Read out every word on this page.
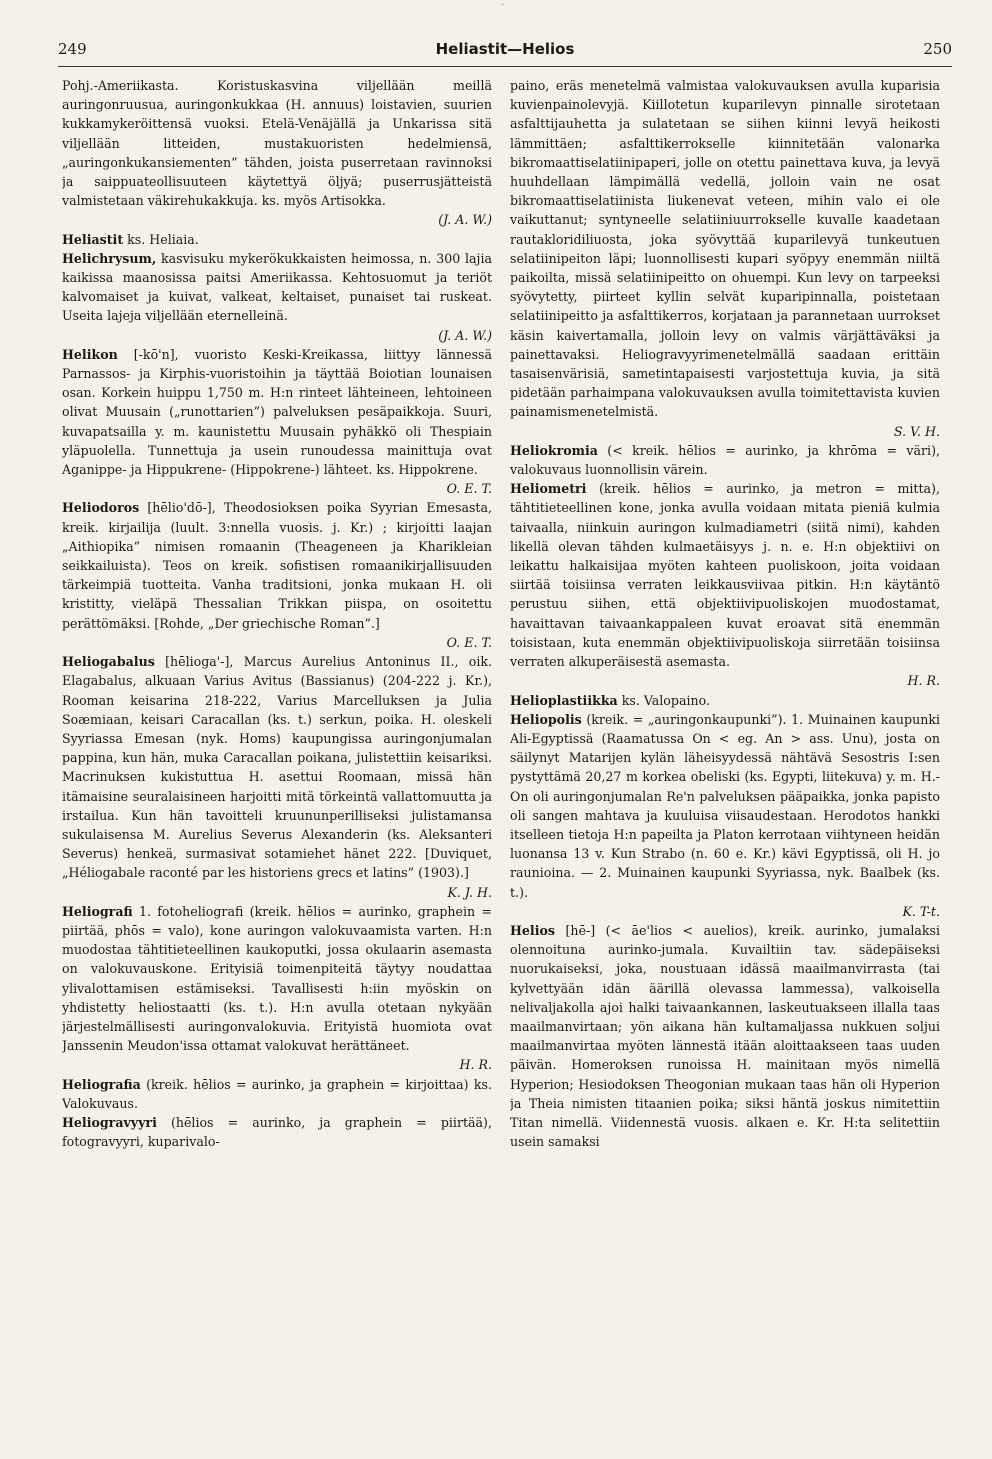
ˇ
249	Heliastit—Helios	250

Pohj.-Ameriikasta. Koristuskasvina viljellään meillä auringonruusua, auringonkukkaa (H. annuus) loistavien, suurien kukkamykeröittensä vuoksi. Etelä-Venäjällä ja Unkarissa sitä viljellään litteiden, mustakuoristen hedelmiensä, „auringonkukansiementen” tähden, joista puserretaan ravinnoksi ja saippuateollisuuteen käytettyä öljyä; puserrusjätteistä valmistetaan väkirehukakkuja. ks. myös Artisokka.
(J. A. W.)

Heliastit ks. Heliaia.

Helichrysum, kasvisuku mykerökukkaisten heimossa, n. 300 lajia kaikissa maanosissa paitsi Ameriikassa. Kehtosuomut ja teriöt kalvomaiset ja kuivat, valkeat, keltaiset, punaiset tai ruskeat. Useita lajeja viljellään eternelleinä.
(J. A. W.)

Helikon [-kō'n], vuoristo Keski-Kreikassa, liittyy lännessä Parnassos- ja Kirphis-vuoristoihin ja täyttää Boiotian lounaisen osan. Korkein huippu 1,750 m. H:n rinteet lähteineen, lehtoineen olivat Muusain („runottarien”) palveluksen pesäpaikkoja. Suuri, kuvapatsailla y. m. kaunistettu Muusain pyhäkkö oli Thespiain yläpuolella. Tunnettuja ja usein runoudessa mainittuja ovat Aganippe- ja Hippukrene- (Hippokrene-) lähteet. ks. Hippokrene.
O. E. T.

Heliodoros [hēlio'dō-], Theodosioksen poika Syyrian Emesasta, kreik. kirjailija (luult. 3:nnella vuosis. j. Kr.) ; kirjoitti laajan „Aithiopika” nimisen romaanin (Theageneen ja Kharikleian seikkailuista). Teos on kreik. sofistisen romaanikirjallisuuden tärkeimpiä tuotteita. Vanha traditsioni, jonka mukaan H. oli kristitty, vieläpä Thessalian Trikkan piispa, on osoitettu perättömäksi. [Rohde, „Der griechische Roman”.]
O. E. T.

Heliogabalus [hēlioga'-], Marcus Aurelius Antoninus II., oik. Elagabalus, alkuaan Varius Avitus (Bassianus) (204-222 j. Kr.), Rooman keisarina 218-222, Varius Marcelluksen ja Julia Soæmiaan, keisari Caracallan (ks. t.) serkun, poika. H. oleskeli Syyriassa Emesan (nyk. Homs) kaupungissa auringonjumalan pappina, kun hän, muka Caracallan poikana, julistettiin keisariksi. Macrinuksen kukistuttua H. asettui Roomaan, missä hän itämaisine seuralaisineen harjoitti mitä törkeintä vallattomuutta ja irstailua. Kun hän tavoitteli kruununperilliseksi julistamansa sukulaisensa M. Aurelius Severus Alexanderin (ks. Aleksanteri Severus) henkeä, surmasivat sotamiehet hänet 222. [Duviquet, „Héliogabale raconté par les historiens grecs et latins” (1903).]
K. J. H.

Heliografi 1. fotoheliografi (kreik. hēlios = aurinko, graphein = piirtää, phōs = valo), kone auringon valokuvaamista varten. H:n muodostaa tähtitieteellinen kaukoputki, jossa okulaarin asemasta on valokuvauskone. Erityisiä toimenpiteitä täytyy noudattaa ylivalottamisen estämiseksi. Tavallisesti h:iin myöskin on yhdistetty heliostaatti (ks. t.). H:n avulla otetaan nykyään järjestelmällisesti auringonvalokuvia. Erityistä huomiota ovat Janssenin Meudon'issa ottamat valokuvat herättäneet.
H. R.

Heliografia (kreik. hēlios = aurinko, ja graphein = kirjoittaa) ks. Valokuvaus.

Heliogravyyri (hēlios = aurinko, ja graphein = piirtää), fotogravyyri, kuparivalo-

paino, eräs menetelmä valmistaa valokuvauksen avulla kuparisia kuvienpainolevyjä. Kiillotetun kuparilevyn pinnalle sirotetaan asfalttijauhetta ja sulatetaan se siihen kiinni levyä heikosti lämmittäen; asfalttikerrokselle kiinnitetään valonarka bikromaattiselatiinipaperi, jolle on otettu painettava kuva, ja levyä huuhdellaan lämpimällä vedellä, jolloin vain ne osat bikromaattiselatiinista liukenevat veteen, mihin valo ei ole vaikuttanut; syntyneelle selatiiniuurrokselle kuvalle kaadetaan rautakloridiliuosta, joka syövyttää kuparilevyä tunkeutuen selatiinipeiton läpi; luonnollisesti kupari syöpyy enemmän niiltä paikoilta, missä selatiinipeitto on ohuempi. Kun levy on tarpeeksi syövytetty, piirteet kyllin selvät kuparipinnalla, poistetaan selatiinipeitto ja asfalttikerros, korjataan ja parannetaan uurrokset käsin kaivertamalla, jolloin levy on valmis värjättäväksi ja painettavaksi. Heliogravyyrimenetelmällä saadaan erittäin tasaisenvärisiä, sametintapaisesti varjostettuja kuvia, ja sitä pidetään parhaimpana valokuvauksen avulla toimitettavista kuvien painamismenetelmistä.
S. V. H.

Heliokromia (< kreik. hēlios = aurinko, ja khrōma = väri), valokuvaus luonnollisin värein.

Heliometri (kreik. hēlios = aurinko, ja metron = mitta), tähtitieteellinen kone, jonka avulla voidaan mitata pieniä kulmia taivaalla, niinkuin auringon kulmadiametri (siitä nimi), kahden likellä olevan tähden kulmaetäisyys j. n. e. H:n objektiivi on leikattu halkaisijaa myöten kahteen puoliskoon, joita voidaan siirtää toisiinsa verraten leikkausviivaa pitkin. H:n käytäntö perustuu siihen, että objektiivipuoliskojen muodostamat, havaittavan taivaankappaleen kuvat eroavat sitä enemmän toisistaan, kuta enemmän objektiivipuoliskoja siirretään toisiinsa verraten alkuperäisestä asemasta.
H. R.

Helioplastiikka ks. Valopaino.

Heliopolis (kreik. = „auringonkaupunki”). 1. Muinainen kaupunki Ali-Egyptissä (Raamatussa On < eg. An > ass. Unu), josta on säilynyt Matarijen kylän läheisyydessä nähtävä Sesostris I:sen pystyttämä 20,27 m korkea obeliski (ks. Egypti, liitekuva) y. m. H.-On oli auringonjumalan Re'n palveluksen pääpaikka, jonka papisto oli sangen mahtava ja kuuluisa viisaudestaan. Herodotos hankki itselleen tietoja H:n papeilta ja Platon kerrotaan viihtyneen heidän luonansa 13 v. Kun Strabo (n. 60 e. Kr.) kävi Egyptissä, oli H. jo raunioina. — 2. Muinainen kaupunki Syyriassa, nyk. Baalbek (ks. t.).
K. T-t.

Helios [hē-] (< āe'lios < auelios), kreik. aurinko, jumalaksi olennoituna aurinko-jumala. Kuvailtiin tav. sädepäiseksi nuorukaiseksi, joka, noustuaan idässä maailmanvirrasta (tai kylvettyään idän äärillä olevassa lammessa), valkoisella nelivaljakolla ajoi halki taivaankannen, laskeutuakseen illalla taas maailmanvirtaan; yön aikana hän kultamaljassa nukkuen soljui maailmanvirtaa myöten lännestä itään aloittaakseen taas uuden päivän. Homeroksen runoissa H. mainitaan myös nimellä Hyperion; Hesiodoksen Theogonian mukaan taas hän oli Hyperion ja Theia nimisten titaanien poika; siksi häntä joskus nimitettiin Titan nimellä. Viidennestä vuosis. alkaen e. Kr. H:ta selitettiin usein samaksi
